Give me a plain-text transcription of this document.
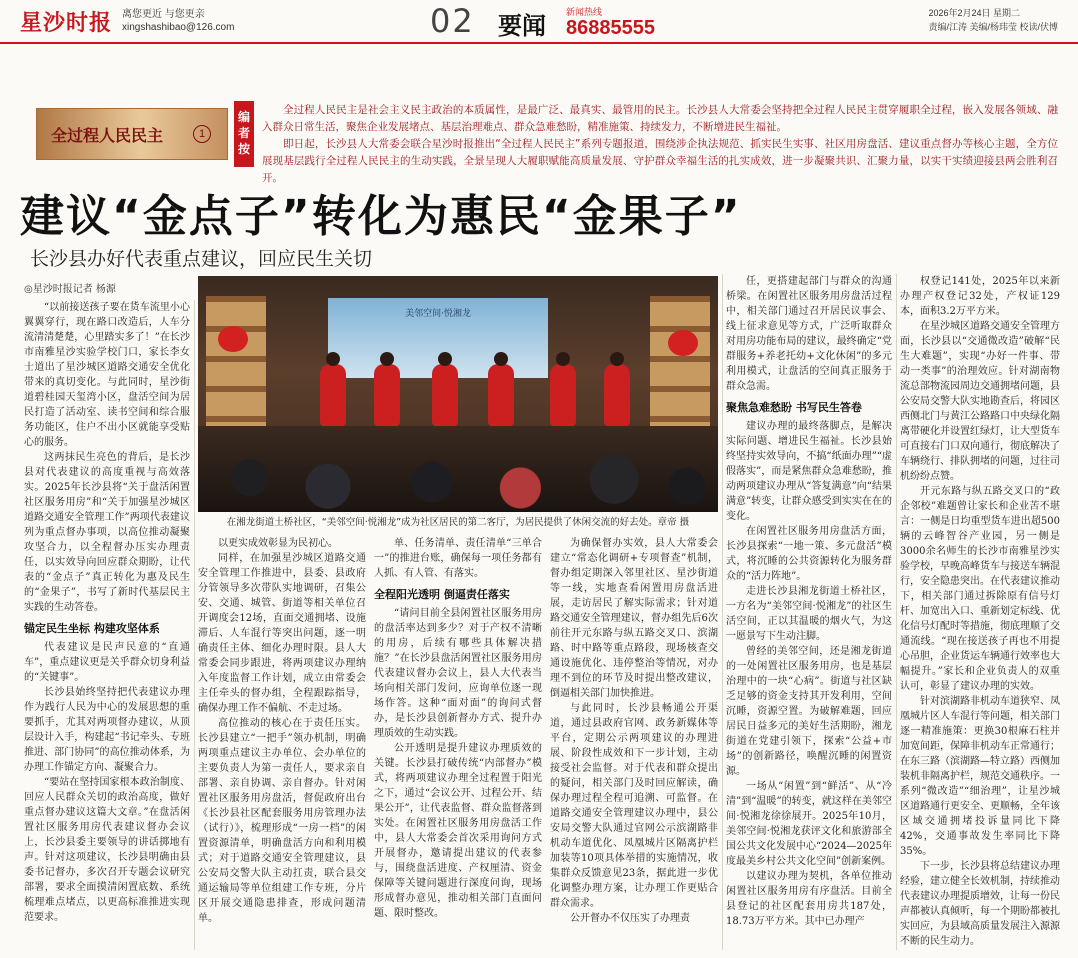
星沙时报 离您更近 与您更亲
xingshashibao@126.com	02 要闻 新闻热线
86885555
2026年2月24日 星期二
责编/江涛 美编/杨玮莹 校读/伏博
全过程人民民主	1
编者按

全过程人民民主是社会主义民主政治的本质属性，是最广泛、最真实、最管用的民主。长沙县人大常委会坚持把全过程人民民主贯穿履职全过程，嵌入发展各领域、融入群众日常生活，聚焦企业发展堵点、基层治理难点、群众急难愁盼，精准施策、持续发力，不断增进民生福祉。

即日起，长沙县人大常委会联合星沙时报推出“全过程人民民主”系列专题报道，围绕涉企执法规范、抓实民生实事、社区用房盘活、建议重点督办等核心主题，全方位展现基层践行全过程人民民主的生动实践，全景呈现人大履职赋能高质量发展、守护群众幸福生活的扎实成效，进一步凝聚共识、汇聚力量，以实干实绩迎接县两会胜利召开。

建议“金点子”转化为惠民“金果子”
长沙县办好代表重点建议，回应民生关切
◎星沙时报记者 杨源
美邻空间·悦湘龙
在湘龙街道土桥社区，“美邻空间·悦湘龙”成为社区居民的第二客厅，为居民提供了休闲交流的好去处。章帝 摄

“以前接送孩子要在货车流里小心翼翼穿行，现在路口改造后，人车分流清清楚楚，心里踏实多了！”在长沙市南雅星沙实验学校门口，家长李女士道出了星沙城区道路交通安全优化带来的真切变化。与此同时，星沙街道碧桂园天玺湾小区，盘活空间为居民打造了活动室、读书空间和综合服务功能区，住户不出小区就能享受贴心的服务。

这两抹民生亮色的背后，是长沙县对代表建议的高度重视与高效落实。2025年长沙县将“关于盘活闲置社区服务用房”和“关于加强星沙城区道路交通安全管理工作”两项代表建议列为重点督办事项，以高位推动凝聚攻坚合力，以全程督办压实办理责任，以实效导向回应群众期盼，让代表的“金点子”真正转化为惠及民生的“金果子”，书写了新时代基层民主实践的生动答卷。

锚定民生坐标 构建攻坚体系

代表建议是民声民意的“直通车”，重点建议更是关乎群众切身利益的“关键事”。

长沙县始终坚持把代表建议办理作为践行人民为中心的发展思想的重要抓手，尤其对两项督办建议，从顶层设计入手，构建起“书记牵头、专班推进、部门协同”的高位推动体系，为办理工作锚定方向、凝聚合力。

“要站在坚持国家根本政治制度、回应人民群众关切的政治高度，做好重点督办建议这篇大文章。”在盘活闲置社区服务用房代表建议督办会议上，长沙县委主要领导的讲话掷地有声。针对这项建议，长沙县明确由县委书记督办，多次召开专题会议研究部署，要求全面摸清闲置底数、系统梳理难点堵点，以更高标准推进实现范要求。

以更实成效彰显为民初心。

同样，在加强星沙城区道路交通安全管理工作推进中，县委、县政府分管领导多次带队实地调研，召集公安、交通、城管、街道等相关单位召开调度会12场，直面交通拥堵、设施滞后、人车混行等突出问题，逐一明确责任主体、细化办理时限。县人大常委会同步跟进，将两项建议办理纳入年度监督工作计划，成立由常委会主任牵头的督办组，全程跟踪指导，确保办理工作不偏航、不走过场。

高位推动的核心在于责任压实。长沙县建立“一把手”领办机制，明确两项重点建议主办单位、会办单位的主要负责人为第一责任人，要求亲自部署、亲自协调、亲自督办。针对闲置社区服务用房盘活，督促政府出台《长沙县社区配套服务用房管理办法（试行）》，梳理形成“一房一档”的闲置资源清单，明确盘活方向和利用模式；对于道路交通安全管理建议，县公安局交警大队主动扛责，联合县交通运输局等单位组建工作专班，分片区开展交通隐患排查，形成问题清单。

单、任务清单、责任清单“三单合一”的推进台账，确保每一项任务都有人抓、有人管、有落实。

全程阳光透明 倒逼责任落实

“请问目前全县闲置社区服务用房的盘活率达到多少？对于产权不清晰的用房，后续有哪些具体解决措施？”在长沙县盘活闲置社区服务用房代表建议督办会议上，县人大代表当场向相关部门发问，应询单位逐一现场作答。这种“面对面”的询问式督办，是长沙县创新督办方式、提升办理质效的生动实践。

公开透明是提升建议办理质效的关键。长沙县打破传统“内部督办”模式，将两项建议办理全过程置于阳光之下，通过“会议公开、过程公开、结果公开”，让代表监督、群众监督落到实处。在闲置社区服务用房盘活工作中，县人大常委会首次采用询问方式开展督办，邀请提出建议的代表参与，围绕盘活进度、产权厘清、资金保障等关键问题进行深度问询，现场形成督办意见，推动相关部门直面问题、限时整改。

为确保督办实效，县人大常委会建立“常态化调研+专项督查”机制，督办组定期深入邻里社区、星沙街道等一线，实地查看闲置用房盘活进展，走访居民了解实际需求；针对道路交通安全管理建议，督办组先后6次前往开元东路与纵五路交叉口、滨湖路、时中路等重点路段，现场核查交通设施优化、违停整治等情况，对办理不到位的环节及时提出整改建议，倒逼相关部门加快推进。

与此同时，长沙县畅通公开渠道，通过县政府官网、政务新媒体等平台，定期公示两项建议的办理进展、阶段性成效和下一步计划，主动接受社会监督。对于代表和群众提出的疑问，相关部门及时回应解读，确保办理过程全程可追溯、可监督。在道路交通安全管理建议办理中，县公安局交警大队通过官网公示滨湖路非机动车道优化、凤凰城片区隔离护栏加装等10项具体举措的实施情况，收集群众反馈意见23条，据此进一步优化调整办理方案，让办理工作更贴合群众需求。

公开督办不仅压实了办理责

任，更搭建起部门与群众的沟通桥梁。在闲置社区服务用房盘活过程中，相关部门通过召开居民议事会、线上征求意见等方式，广泛听取群众对用房功能布局的建议，最终确定“党群服务+养老托幼+文化休闲”的多元利用模式，让盘活的空间真正服务于群众急需。

聚焦急难愁盼 书写民生答卷

建议办理的最终落脚点，是解决实际问题、增进民生福祉。长沙县始终坚持实效导向，不搞“纸面办理”“虚假落实”，而是紧焦群众急难愁盼，推动两项建议办理从“答复满意”向“结果满意”转变，让群众感受到实实在在的变化。

在闲置社区服务用房盘活方面，长沙县探索“一地一策、多元盘活”模式，将沉睡的公共资源转化为服务群众的“活力阵地”。

走进长沙县湘龙街道土桥社区，一方名为“美邻空间·悦湘龙”的社区生活空间，正以其温暖的烟火气，为这一愿景写下生动注脚。

曾经的美邻空间，还是湘龙街道的一处闲置社区服务用房，也是基层治理中的一块“心病”。街道与社区缺乏足够的资金支持其开发利用，空间沉睡，资源空置。为破解难题，回应居民日益多元的美好生活期盼，湘龙街道在党建引领下，探索“公益+市场”的创新路径，唤醒沉睡的闲置资源。

一场从“闲置”到“鲜活”、从“冷清”到“温暖”的转变，就这样在美邻空间·悦湘龙徐徐展开。2025年10月，美邻空间·悦湘龙获评文化和旅游部全国公共文化发展中心“2024—2025年度最美乡村公共文化空间”创新案例。

以建议办理为契机，各单位推动闲置社区服务用房有序盘活。目前全县登记的社区配套用房共187处，18.73万平方米。其中已办理产

权登记141处，2025年以来新办理产权登记32处，产权证129本，面积3.2万平方米。

在星沙城区道路交通安全管理方面，长沙县以“交通微改造”破解“民生大难题”，实现“办好一件事、带动一类事”的治理效应。针对湖南物流总部物流园周边交通拥堵问题，县公安局交警大队实地勘查后，将园区西侧北门与黄江公路路口中央绿化隔离带硬化并设置红绿灯，让大型货车可直接右门口双向通行，彻底解决了车辆绕行、排队拥堵的问题，过往司机纷纷点赞。

开元东路与纵五路交叉口的“政企邻校”难题曾让家长和企业苦不堪言：一侧是日均重型货车进出超500辆的云峰智谷产业园，另一侧是3000余名师生的长沙市南雅星沙实验学校，早晚高峰货车与接送车辆混行，安全隐患突出。在代表建议推动下，相关部门通过拆除原有信号灯杆、加宽出入口、重新划定标线、优化信号灯配时等措施，彻底理顺了交通流线。“现在接送孩子再也不用提心吊胆，企业货运车辆通行效率也大幅提升。”家长和企业负责人的双重认可，彰显了建议办理的实效。

针对滨湖路非机动车道狭窄、凤凰城片区人车混行等问题，相关部门逐一精准施策：更换30根麻石柱并加宽间距，保障非机动车正常通行；在东三路（滨湖路—特立路）西侧加装机非隔离护栏，规范交通秩序。一系列“微改造”“细治理”，让星沙城区道路通行更安全、更顺畅，全年该区域交通拥堵投诉量同比下降42%，交通事故发生率同比下降35%。

下一步，长沙县将总结建议办理经验，建立健全长效机制，持续推动代表建议办理提质增效，让每一份民声都被认真倾听，每一个期盼都被扎实回应，为县域高质量发展注入源源不断的民生动力。
